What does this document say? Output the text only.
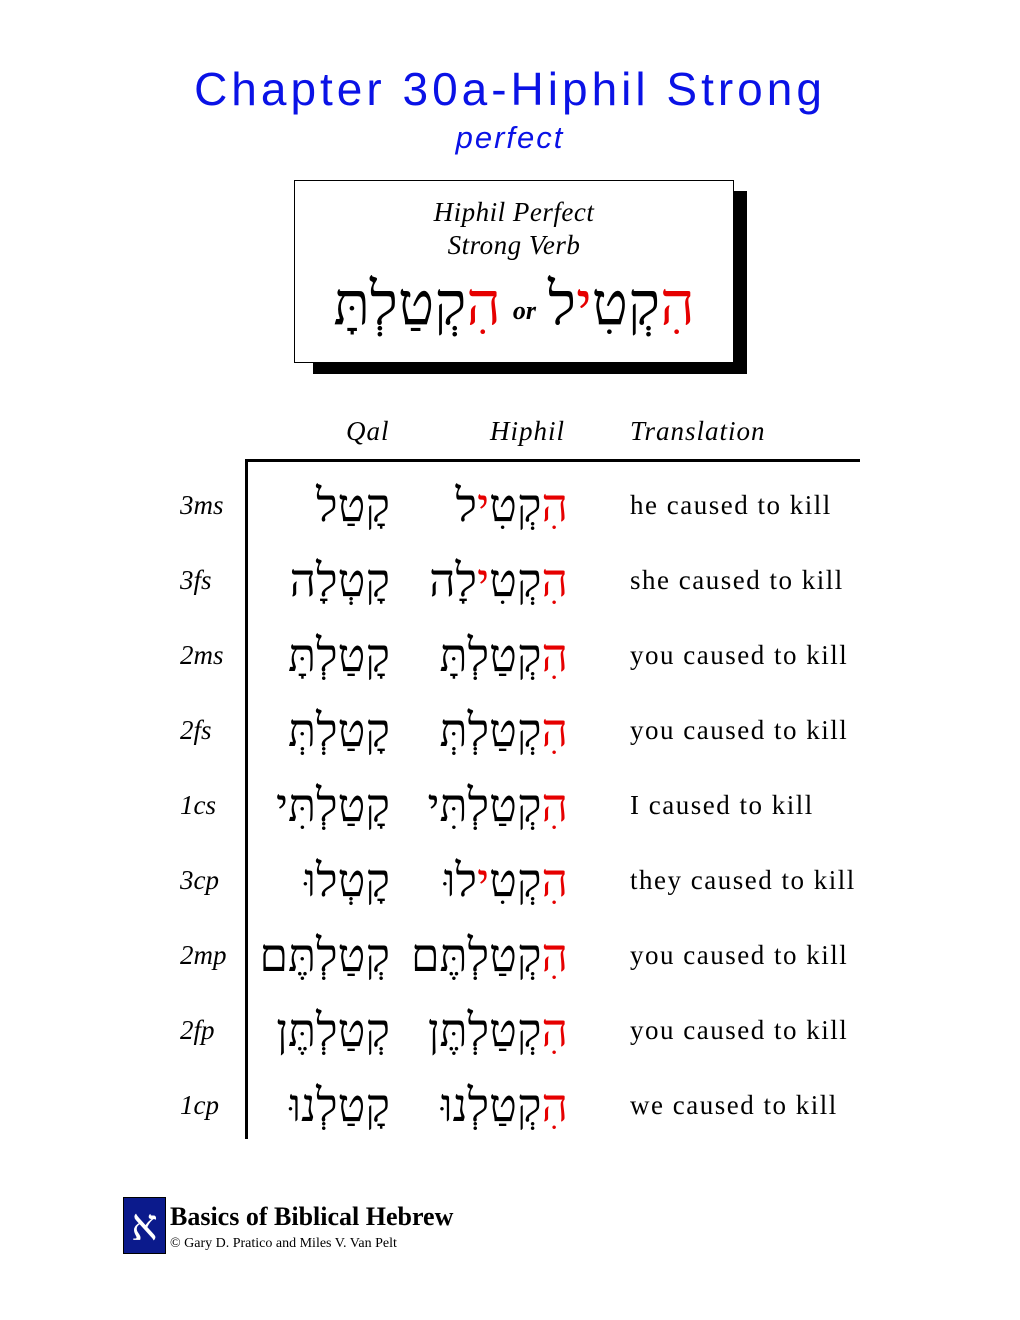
Chapter 30a-Hiphil Strong
perfect
Hiphil Perfect
Strong Verb
הִקְטַלְתָּ	or	הִקְטִיל
Qal	Hiphil Translation
3ms קָטַל	הִקְטִיל	he caused to kill
3fs קָטְלָה	הִקְטִילָה	she caused to kill
2ms קָטַלְתָּ	הִקְטַלְתָּ	you caused to kill
2fs קָטַלְתְּ	הִקְטַלְתְּ	you caused to kill
1cs קָטַלְתִּי	הִקְטַלְתִּי	I caused to kill
3cp קָטְלוּ	הִקְטִילוּ	they caused to kill
2mp קְטַלְתֶּם	הִקְטַלְתֶּם	you caused to kill
2fp קְטַלְתֶּן	הִקְטַלְתֶּן	you caused to kill
1cp קָטַלְנוּ	הִקְטַלְנוּ	we caused to kill
א Basics of Biblical Hebrew
© Gary D. Pratico and Miles V. Van Pelt
